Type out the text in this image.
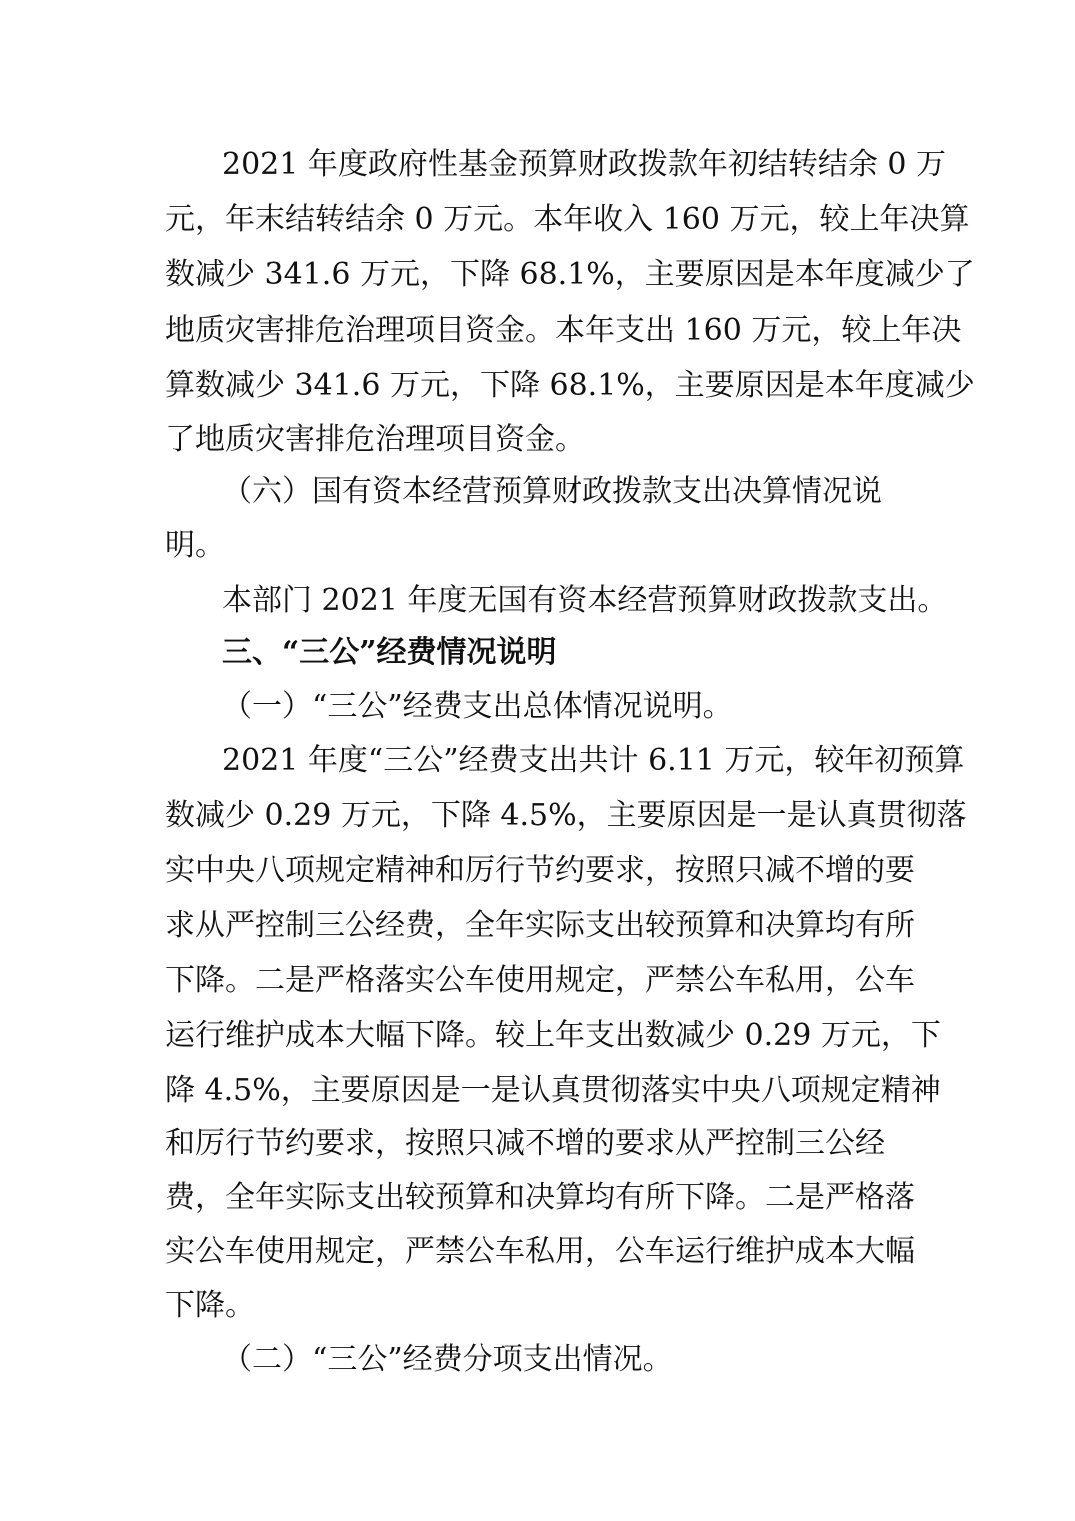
2021 年度政府性基金预算财政拨款年初结转结余 0 万

元，年末结转结余 0 万元。本年收入 160 万元，较上年决算

数减少 341.6 万元，下降 68.1%，主要原因是本年度减少了

地质灾害排危治理项目资金。本年支出 160 万元，较上年决

算数减少 341.6 万元，下降 68.1%，主要原因是本年度减少

了地质灾害排危治理项目资金。

（六）国有资本经营预算财政拨款支出决算情况说

明。

本部门 2021 年度无国有资本经营预算财政拨款支出。

三、“三公”经费情况说明

（一）“三公”经费支出总体情况说明。

2021 年度“三公”经费支出共计 6.11 万元，较年初预算

数减少 0.29 万元，下降 4.5%，主要原因是一是认真贯彻落

实中央八项规定精神和厉行节约要求，按照只减不增的要

求从严控制三公经费，全年实际支出较预算和决算均有所

下降。二是严格落实公车使用规定，严禁公车私用，公车

运行维护成本大幅下降。较上年支出数减少 0.29 万元，下

降 4.5%，主要原因是一是认真贯彻落实中央八项规定精神

和厉行节约要求，按照只减不增的要求从严控制三公经

费，全年实际支出较预算和决算均有所下降。二是严格落

实公车使用规定，严禁公车私用，公车运行维护成本大幅

下降。

（二）“三公”经费分项支出情况。
